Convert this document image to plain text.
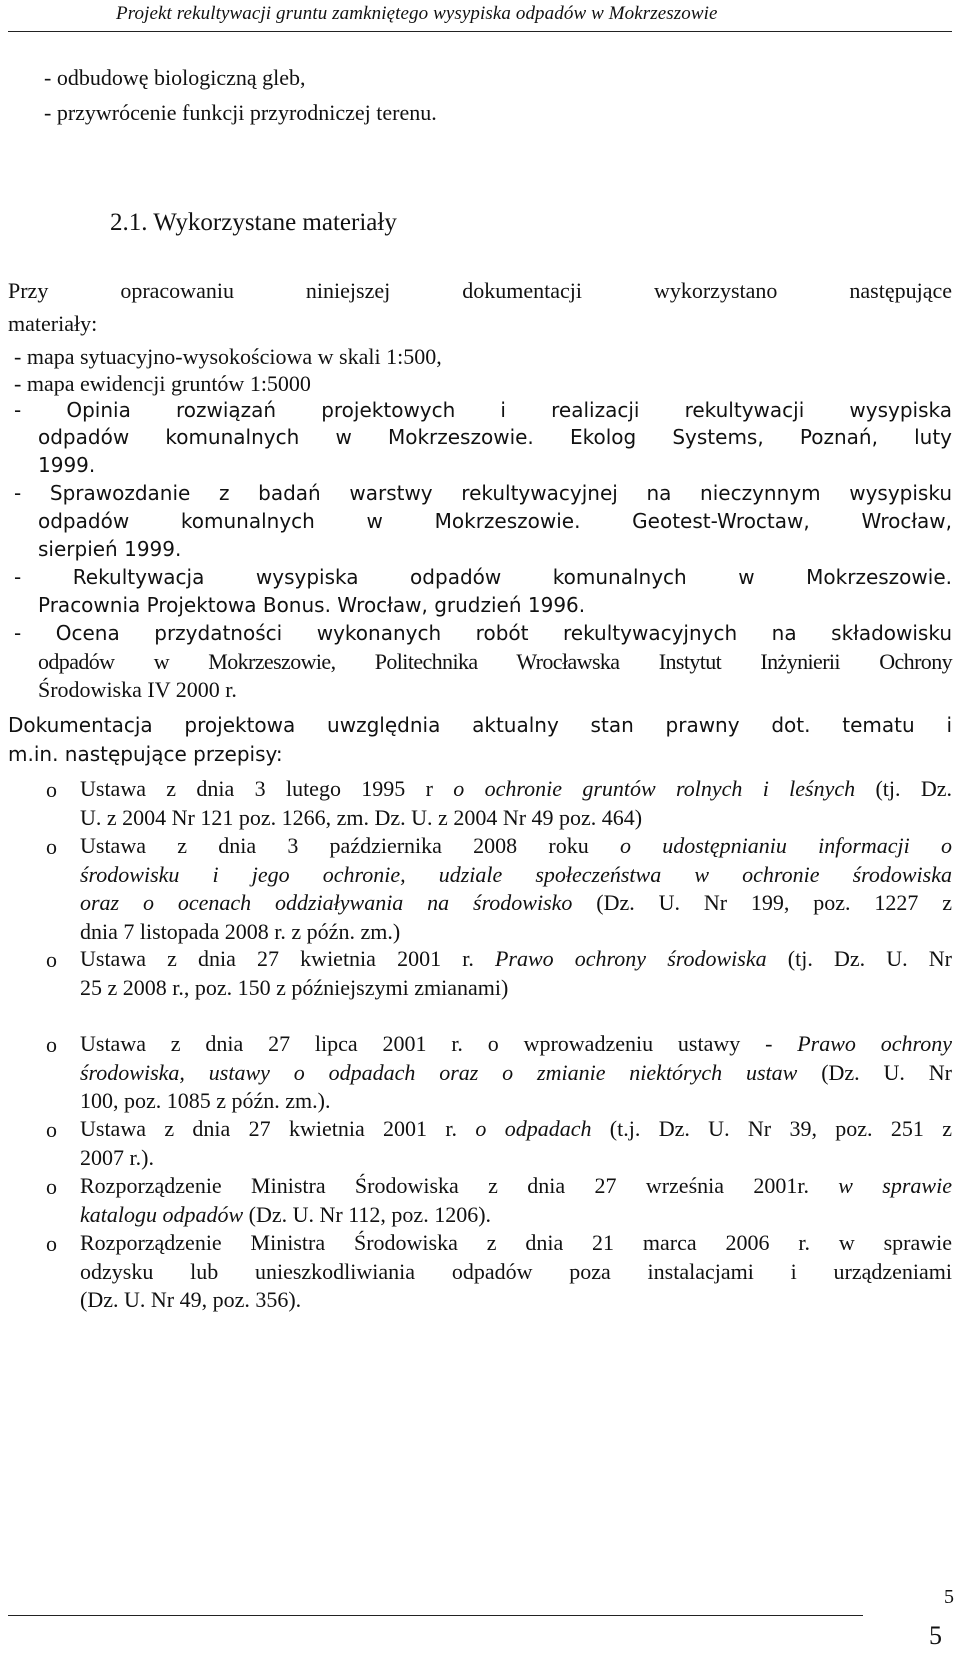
Projekt rekultywacji gruntu zamkniętego wysypiska odpadów w Mokrzeszowie
- odbudowę biologiczną gleb,
- przywrócenie funkcji przyrodniczej terenu.
2.1. Wykorzystane materiały
Przy opracowaniu niniejszej dokumentacji wykorzystano następujące
materiały:
- mapa sytuacyjno-wysokościowa w skali 1:500,
- mapa ewidencji gruntów 1:5000
- Opinia rozwiązań projektowych i realizacji rekultywacji wysypiska
odpadów komunalnych w Mokrzeszowie. Ekolog Systems, Poznań, luty
1999.
- Sprawozdanie z badań warstwy rekultywacyjnej na nieczynnym wysypisku
odpadów komunalnych w Mokrzeszowie. Geotest-Wroctaw, Wrocław,
sierpień 1999.
- Rekultywacja wysypiska odpadów komunalnych w Mokrzeszowie.
Pracownia Projektowa Bonus. Wrocław, grudzień 1996.
- Ocena przydatności wykonanych robót rekultywacyjnych na składowisku
odpadów w Mokrzeszowie, Politechnika Wrocławska Instytut Inżynierii Ochrony
Środowiska IV 2000 r.
Dokumentacja projektowa uwzględnia aktualny stan prawny dot. tematu i
m.in. następujące przepisy:
o Ustawa z dnia 3 lutego 1995 r o ochronie gruntów rolnych i leśnych (tj. Dz.
U. z 2004 Nr 121 poz. 1266, zm. Dz. U. z 2004 Nr 49 poz. 464)
o Ustawa z dnia 3 października 2008 roku o udostępnianiu informacji o
środowisku i jego ochronie, udziale społeczeństwa w ochronie środowiska
oraz o ocenach oddziaływania na środowisko (Dz. U. Nr 199, poz. 1227 z
dnia 7 listopada 2008 r. z późn. zm.)
o Ustawa z dnia 27 kwietnia 2001 r. Prawo ochrony środowiska (tj. Dz. U. Nr
25 z 2008 r., poz. 150 z późniejszymi zmianami)
o Ustawa z dnia 27 lipca 2001 r. o wprowadzeniu ustawy - Prawo ochrony
środowiska, ustawy o odpadach oraz o zmianie niektórych ustaw (Dz. U. Nr
100, poz. 1085 z późn. zm.).
o Ustawa z dnia 27 kwietnia 2001 r. o odpadach (t.j. Dz. U. Nr 39, poz. 251 z
2007 r.).
o Rozporządzenie Ministra Środowiska z dnia 27 września 2001r. w sprawie
katalogu odpadów (Dz. U. Nr 112, poz. 1206).
o Rozporządzenie Ministra Środowiska z dnia 21 marca 2006 r. w sprawie
odzysku lub unieszkodliwiania odpadów poza instalacjami i urządzeniami
(Dz. U. Nr 49, poz. 356).
5
5
